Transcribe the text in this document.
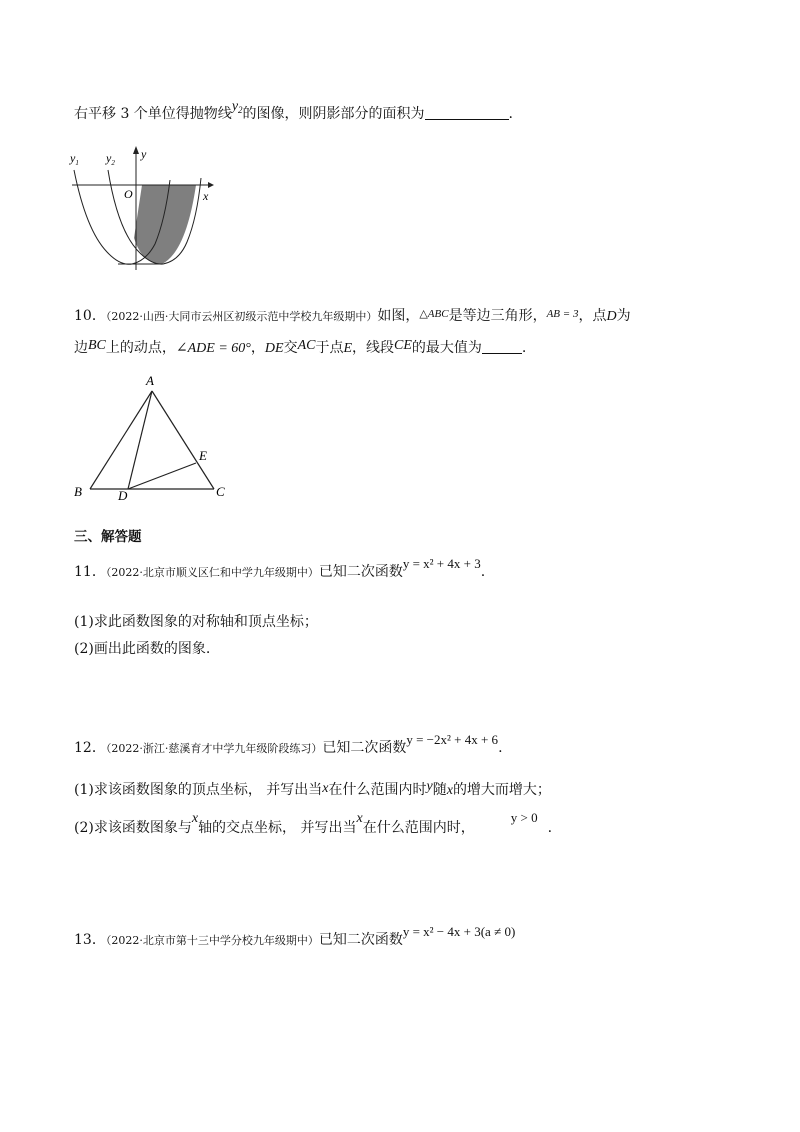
右平移 3 个单位得抛物线$y_2$的图像，则阴影部分的面积为	.
$y_1$ $y_2$
y
x
O
10．（2022·山西·大同市云州区初级示范中学校九年级期中）如图，$^{\triangle ABC}$是等边三角形，$^{AB = 3}$，点D为
边BC上的动点，∠ADE = 60°，DE交AC于点E，线段CE的最大值为	.
A
B	C
D
E
三、解答题
11．（2022·北京市顺义区仁和中学九年级期中）已知二次函数y = x² + 4x + 3.
(1)求此函数图象的对称轴和顶点坐标；
(2)画出此函数的图象.
12．（2022·浙江·慈溪育才中学九年级阶段练习）已知二次函数y = −2x² + 4x + 6.
(1)求该函数图象的顶点坐标， 并写出当x在什么范围内时y随x的增大而增大；
(2)求该函数图象与x轴的交点坐标， 并写出当x在什么范围内时，y > 0.
13．（2022·北京市第十三中学分校九年级期中）已知二次函数y = x² − 4x + 3(a ≠ 0)
